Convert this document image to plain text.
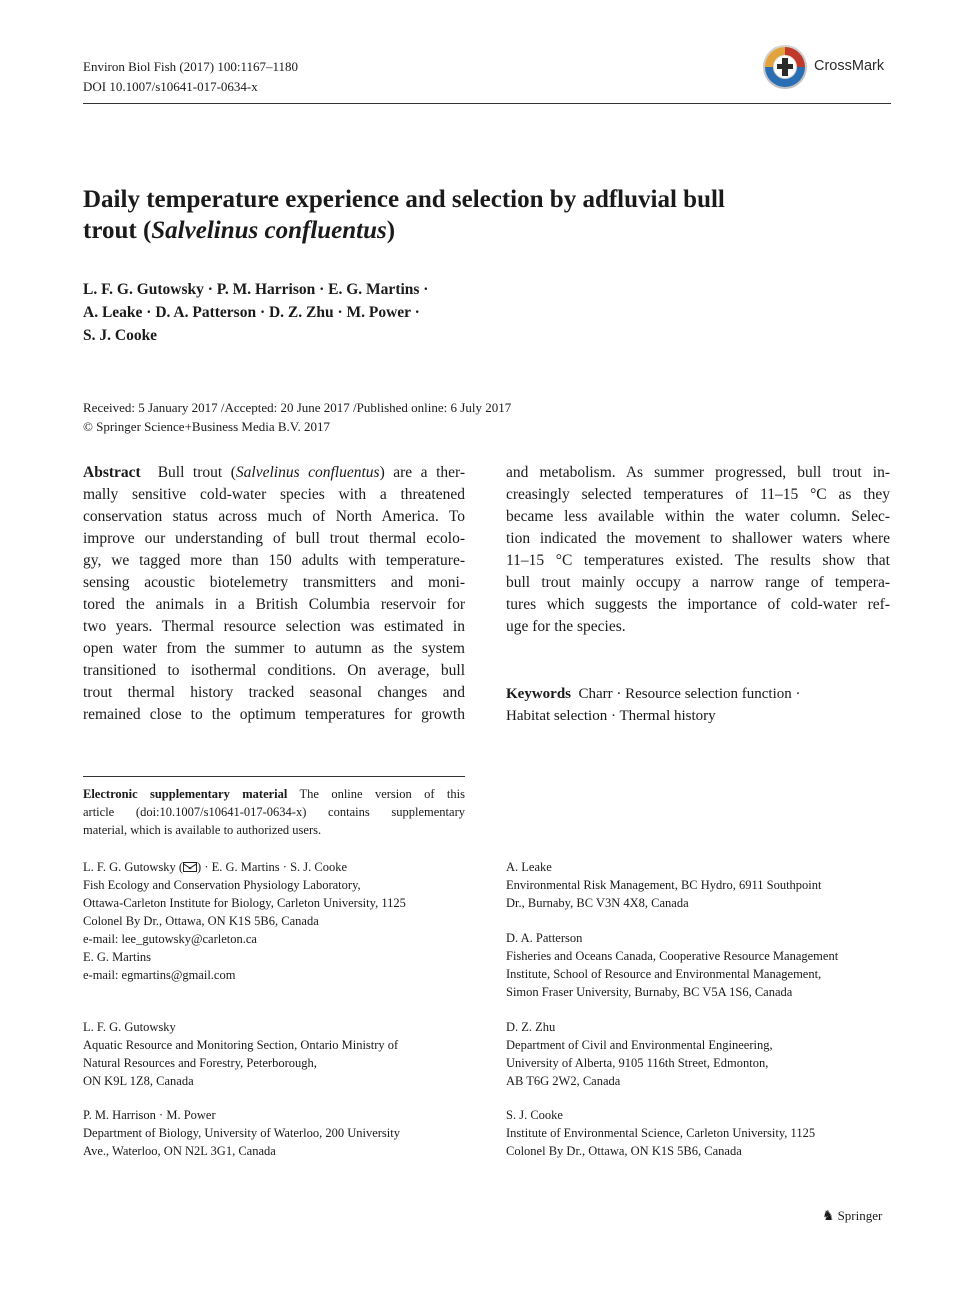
Environ Biol Fish (2017) 100:1167–1180
DOI 10.1007/s10641-017-0634-x
CrossMark
Daily temperature experience and selection by adfluvial bull
trout (Salvelinus confluentus)
L. F. G. Gutowsky · P. M. Harrison · E. G. Martins ·
A. Leake · D. A. Patterson · D. Z. Zhu · M. Power ·
S. J. Cooke
Received: 5 January 2017 /Accepted: 20 June 2017 /Published online: 6 July 2017
© Springer Science+Business Media B.V. 2017
Abstract Bull trout (Salvelinus confluentus) are a ther-
mally sensitive cold-water species with a threatened
conservation status across much of North America. To
improve our understanding of bull trout thermal ecolo-
gy, we tagged more than 150 adults with temperature-
sensing acoustic biotelemetry transmitters and moni-
tored the animals in a British Columbia reservoir for
two years. Thermal resource selection was estimated in
open water from the summer to autumn as the system
transitioned to isothermal conditions. On average, bull
trout thermal history tracked seasonal changes and
remained close to the optimum temperatures for growth
and metabolism. As summer progressed, bull trout in-
creasingly selected temperatures of 11–15 °C as they
became less available within the water column. Selec-
tion indicated the movement to shallower waters where
11–15 °C temperatures existed. The results show that
bull trout mainly occupy a narrow range of tempera-
tures which suggests the importance of cold-water ref-
uge for the species.
Keywords Charr · Resource selection function ·
Habitat selection · Thermal history
Electronic supplementary material The online version of this
article (doi:10.1007/s10641-017-0634-x) contains supplementary
material, which is available to authorized users.
L. F. G. Gutowsky ( ) · E. G. Martins · S. J. Cooke
Fish Ecology and Conservation Physiology Laboratory,
Ottawa-Carleton Institute for Biology, Carleton University, 1125
Colonel By Dr., Ottawa, ON K1S 5B6, Canada
e-mail: lee_gutowsky@carleton.ca
E. G. Martins
e-mail: egmartins@gmail.com
L. F. G. Gutowsky
Aquatic Resource and Monitoring Section, Ontario Ministry of
Natural Resources and Forestry, Peterborough,
ON K9L 1Z8, Canada
P. M. Harrison · M. Power
Department of Biology, University of Waterloo, 200 University
Ave., Waterloo, ON N2L 3G1, Canada
A. Leake
Environmental Risk Management, BC Hydro, 6911 Southpoint
Dr., Burnaby, BC V3N 4X8, Canada
D. A. Patterson
Fisheries and Oceans Canada, Cooperative Resource Management
Institute, School of Resource and Environmental Management,
Simon Fraser University, Burnaby, BC V5A 1S6, Canada
D. Z. Zhu
Department of Civil and Environmental Engineering,
University of Alberta, 9105 116th Street, Edmonton,
AB T6G 2W2, Canada
S. J. Cooke
Institute of Environmental Science, Carleton University, 1125
Colonel By Dr., Ottawa, ON K1S 5B6, Canada
♞ Springer
